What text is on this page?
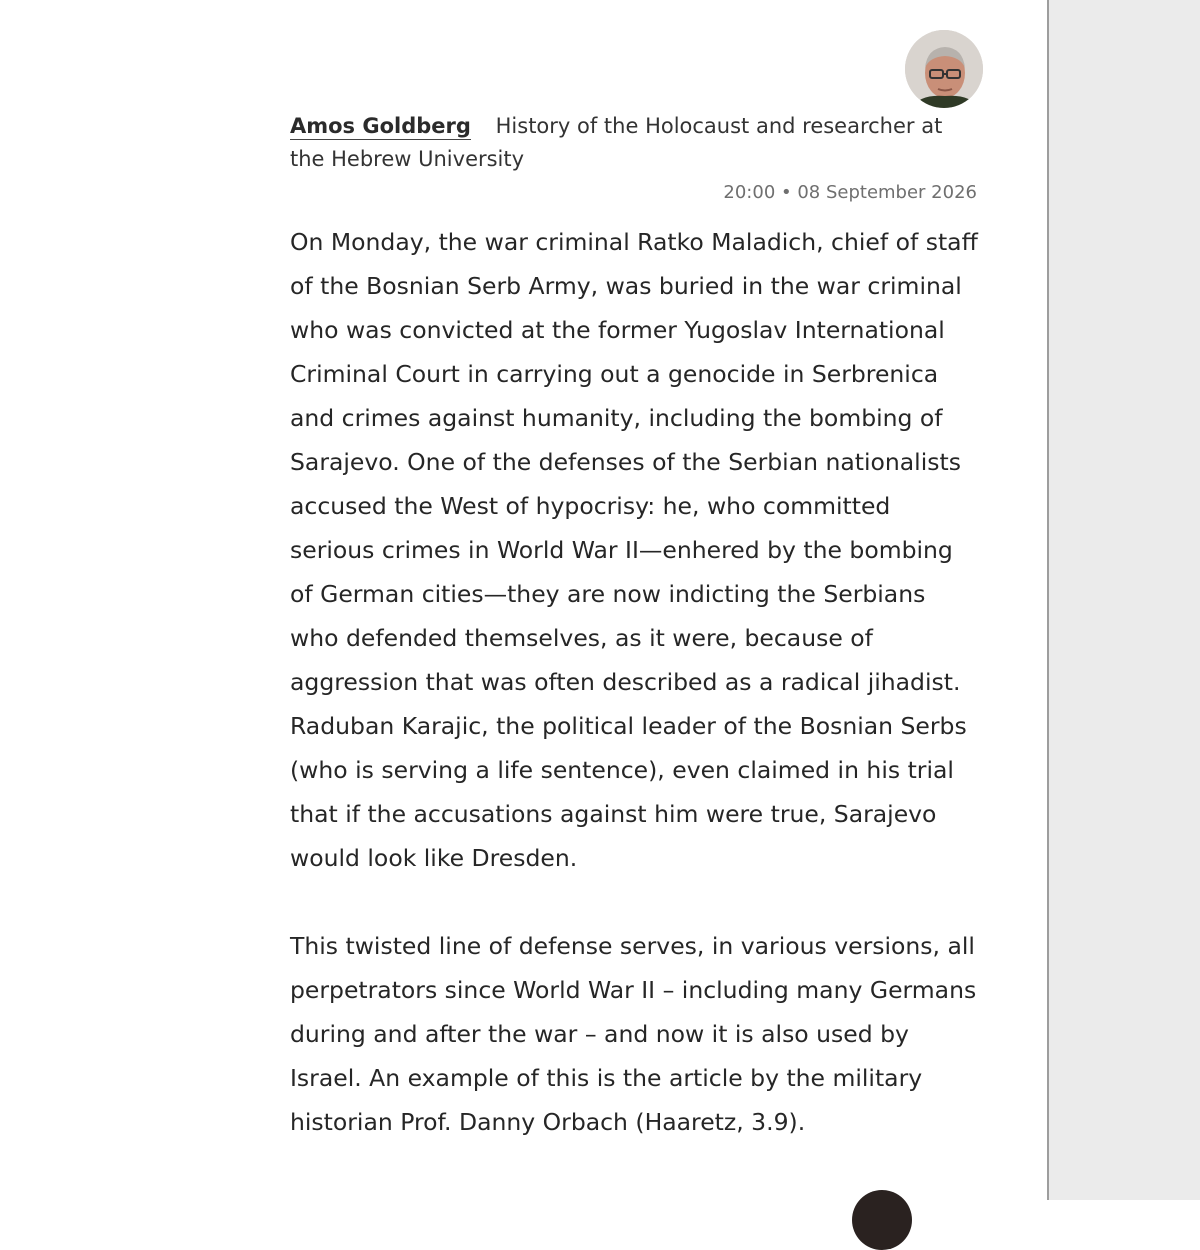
Amos Goldberg History of the Holocaust and researcher at the Hebrew University

20:00 • 08 September 2026

On Monday, the war criminal Ratko Maladich, chief of staff of the Bosnian Serb Army, was buried in the war criminal who was convicted at the former Yugoslav International Criminal Court in carrying out a genocide in Serbrenica and crimes against humanity, including the bombing of Sarajevo. One of the defenses of the Serbian nationalists accused the West of hypocrisy: he, who committed serious crimes in World War II—enhered by the bombing of German cities—they are now indicting the Serbians who defended themselves, as it were, because of aggression that was often described as a radical jihadist. Raduban Karajic, the political leader of the Bosnian Serbs (who is serving a life sentence), even claimed in his trial that if the accusations against him were true, Sarajevo would look like Dresden.

This twisted line of defense serves, in various versions, all perpetrators since World War II – including many Germans during and after the war – and now it is also used by Israel. An example of this is the article by the military historian Prof. Danny Orbach (Haaretz, 3.9).
